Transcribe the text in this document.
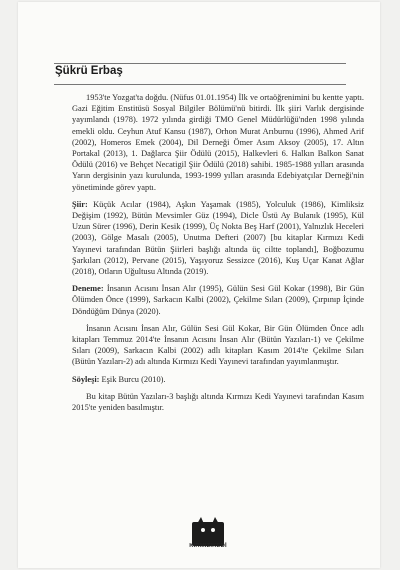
Şükrü Erbaş

1953'te Yozgat'ta doğdu. (Nüfus 01.01.1954) İlk ve ortaöğrenimini bu kentte yaptı. Gazi Eğitim Enstitüsü Sosyal Bilgiler Bölümü'nü bitirdi. İlk şiiri Varlık dergisinde yayımlandı (1978). 1972 yılında girdiği TMO Genel Müdürlüğü'nden 1998 yılında emekli oldu. Ceyhun Atuf Kansu (1987), Orhon Murat Arıburnu (1996), Ahmed Arif (2002), Homeros Emek (2004), Dil Derneği Ömer Asım Aksoy (2005), 17. Altın Portakal (2013), 1. Dağlarca Şiir Ödülü (2015), Halkevleri 6. Halkın Balkon Sanat Ödülü (2016) ve Behçet Necatigil Şiir Ödülü (2018) sahibi. 1985-1988 yılları arasında Yarın dergisinin yazı kurulunda, 1993-1999 yılları arasında Edebiyatçılar Derneği'nin yönetiminde görev yaptı.

Şiir: Küçük Acılar (1984), Aşkın Yaşamak (1985), Yolculuk (1986), Kimliksiz Değişim (1992), Bütün Mevsimler Güz (1994), Dicle Üstü Ay Bulanık (1995), Kül Uzun Sürer (1996), Derin Kesik (1999), Üç Nokta Beş Harf (2001), Yalnızlık Heceleri (2003), Gölge Masalı (2005), Unutma Defteri (2007) [bu kitaplar Kırmızı Kedi Yayınevi tarafından Bütün Şiirleri başlığı altında üç ciltte toplandı], Boğbozumu Şarkıları (2012), Pervane (2015), Yaşıyoruz Sessizce (2016), Kuş Uçar Kanat Ağlar (2018), Otların Uğultusu Altında (2019).
Deneme: İnsanın Acısını İnsan Alır (1995), Gülün Sesi Gül Kokar (1998), Bir Gün Ölümden Önce (1999), Sarkacın Kalbi (2002), Çekilme Sıları (2009), Çırpınıp İçinde Döndüğüm Dünya (2020).

İnsanın Acısını İnsan Alır, Gülün Sesi Gül Kokar, Bir Gün Ölümden Önce adlı kitapları Temmuz 2014'te İnsanın Acısını İnsan Alır (Bütün Yazıları-1) ve Çekilme Sıları (2009), Sarkacın Kalbi (2002) adlı kitapları Kasım 2014'te Çekilme Sıları (Bütün Yazıları-2) adı altında Kırmızı Kedi Yayınevi tarafından yayımlanmıştır.

Söyleşi: Eşik Burcu (2010).

Bu kitap Bütün Yazıları-3 başlığı altında Kırmızı Kedi Yayınevi tarafından Kasım 2015'te yeniden basılmıştır.

KIRMIZIKEDİ
